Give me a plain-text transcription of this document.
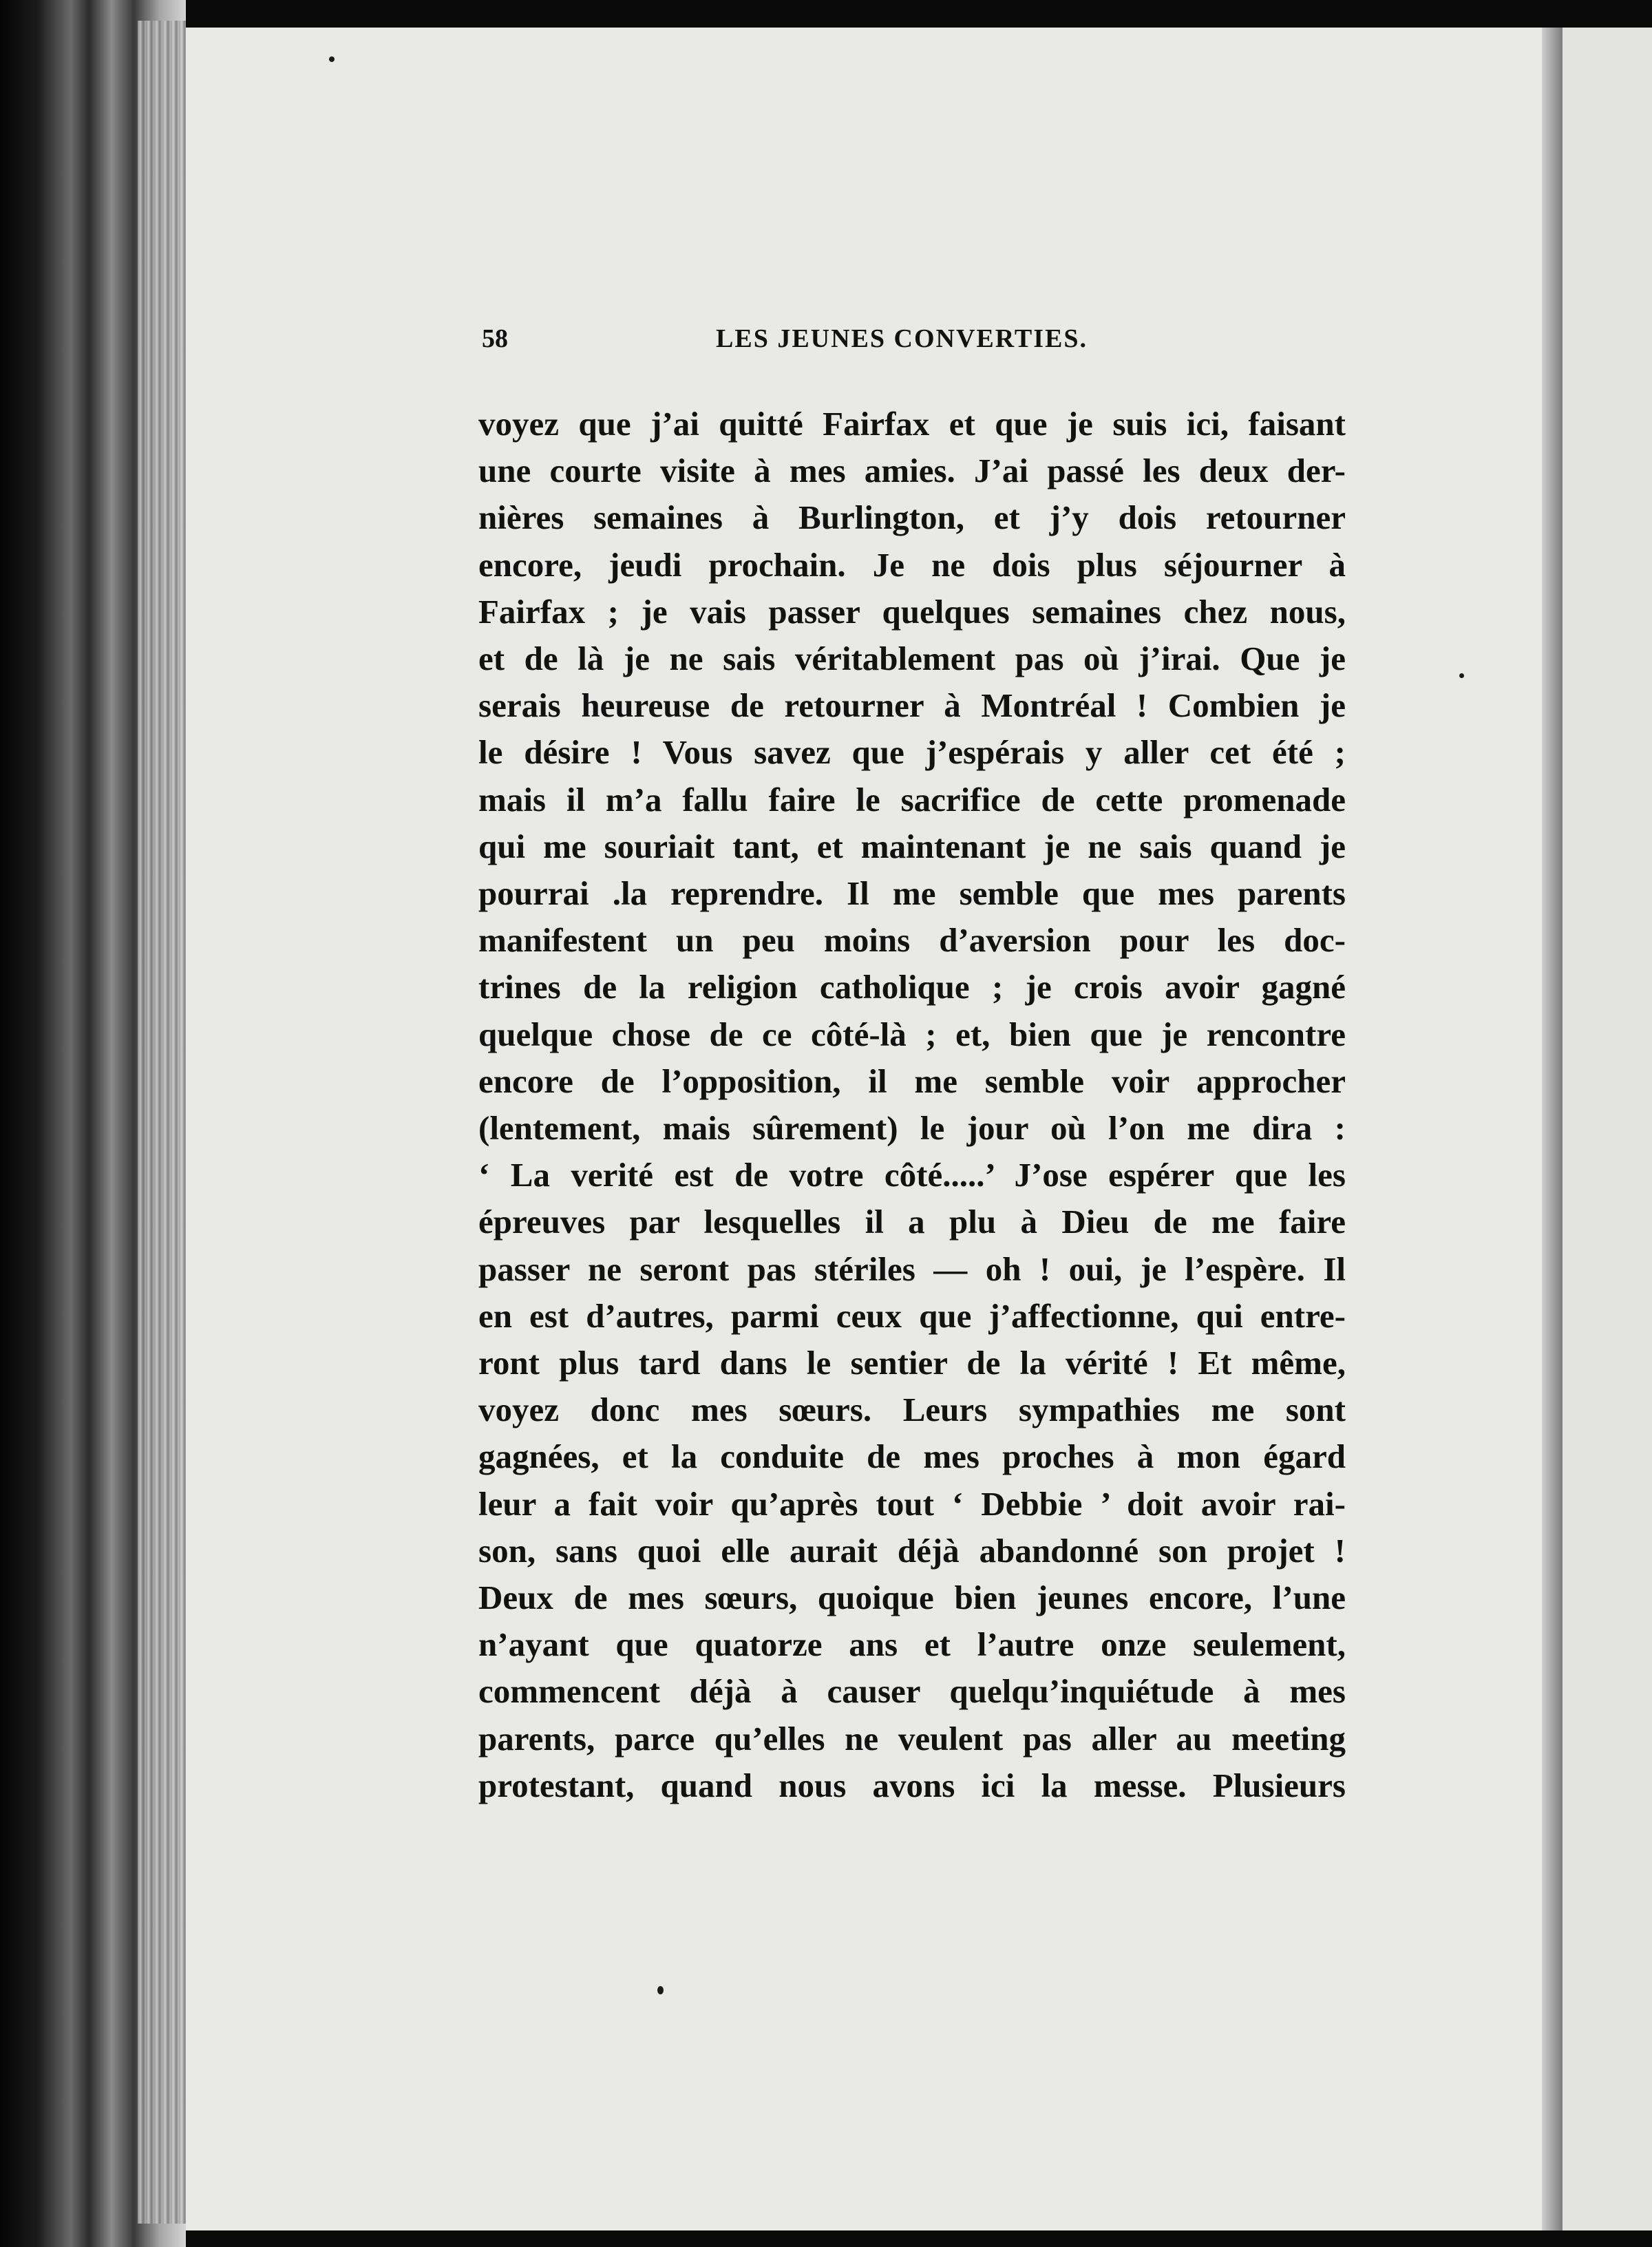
58	LES JEUNES CONVERTIES.
voyez que j’ai quitté Fairfax et que je suis ici, faisant
une courte visite à mes amies. J’ai passé les deux der-
nières semaines à Burlington, et j’y dois retourner
encore, jeudi prochain. Je ne dois plus séjourner à
Fairfax ; je vais passer quelques semaines chez nous,
et de là je ne sais véritablement pas où j’irai. Que je
serais heureuse de retourner à Montréal ! Combien je
le désire ! Vous savez que j’espérais y aller cet été ;
mais il m’a fallu faire le sacrifice de cette promenade
qui me souriait tant, et maintenant je ne sais quand je
pourrai .la reprendre. Il me semble que mes parents
manifestent un peu moins d’aversion pour les doc-
trines de la religion catholique ; je crois avoir gagné
quelque chose de ce côté-là ; et, bien que je rencontre
encore de l’opposition, il me semble voir approcher
(lentement, mais sûrement) le jour où l’on me dira :
‘ La verité est de votre côté.....’ J’ose espérer que les
épreuves par lesquelles il a plu à Dieu de me faire
passer ne seront pas stériles — oh ! oui, je l’espère. Il
en est d’autres, parmi ceux que j’affectionne, qui entre-
ront plus tard dans le sentier de la vérité ! Et même,
voyez donc mes sœurs. Leurs sympathies me sont
gagnées, et la conduite de mes proches à mon égard
leur a fait voir qu’après tout ‘ Debbie ’ doit avoir rai-
son, sans quoi elle aurait déjà abandonné son projet !
Deux de mes sœurs, quoique bien jeunes encore, l’une
n’ayant que quatorze ans et l’autre onze seulement,
commencent déjà à causer quelqu’inquiétude à mes
parents, parce qu’elles ne veulent pas aller au meeting
protestant, quand nous avons ici la messe. Plusieurs
